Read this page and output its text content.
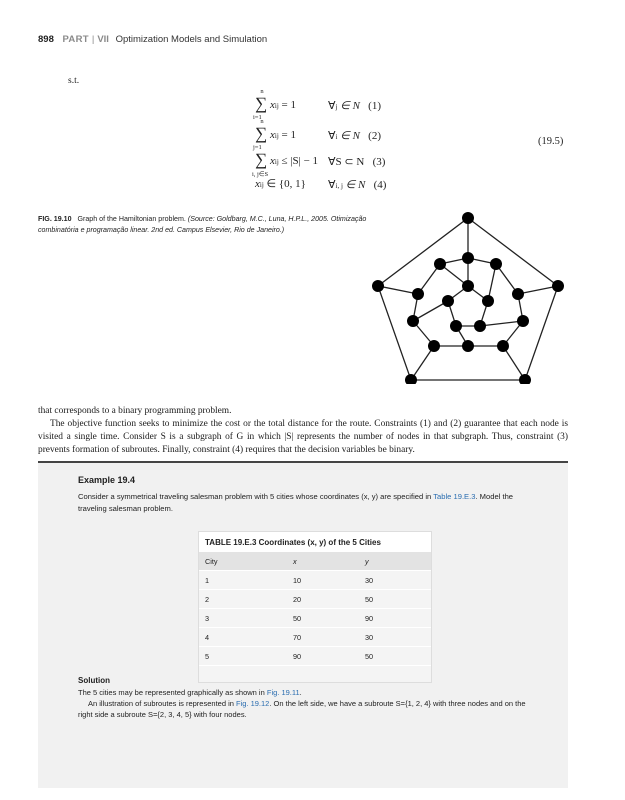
898 PART | VII Optimization Models and Simulation
s.t.
n
∑
i=1
xij = 1	∀j ∈ N (1)
n
∑
j=1
xij = 1	∀i ∈ N (2)
∑
i, j∈S
xij ≤ |S| − 1 ∀S ⊂ N (3)
xij ∈ {0, 1} ∀i, j ∈ N (4)
(19.5)
FIG. 19.10 Graph of the Hamiltonian problem. (Source: Goldbarg, M.C., Luna, H.P.L., 2005. Otimização combinatória e programação linear. 2nd ed. Campus Elsevier, Rio de Janeiro.)
that corresponds to a binary programming problem.
The objective function seeks to minimize the cost or the total distance for the route. Constraints (1) and (2) guarantee that each node is visited a single time. Consider S is a subgraph of G in which |S| represents the number of nodes in that subgraph. Thus, constraint (3) prevents formation of subroutes. Finally, constraint (4) requires that the decision variables be binary.
Example 19.4
Consider a symmetrical traveling salesman problem with 5 cities whose coordinates (x, y) are specified in Table 19.E.3. Model the traveling salesman problem.
TABLE 19.E.3 Coordinates (x, y) of the 5 Cities
City	x	y
1	10	30
2	20	50
3	50	90
4	70	30
5	90	50

Solution
The 5 cities may be represented graphically as shown in Fig. 19.11.
An illustration of subroutes is represented in Fig. 19.12. On the left side, we have a subroute S={1, 2, 4} with three nodes and on the right side a subroute S={2, 3, 4, 5} with four nodes.
